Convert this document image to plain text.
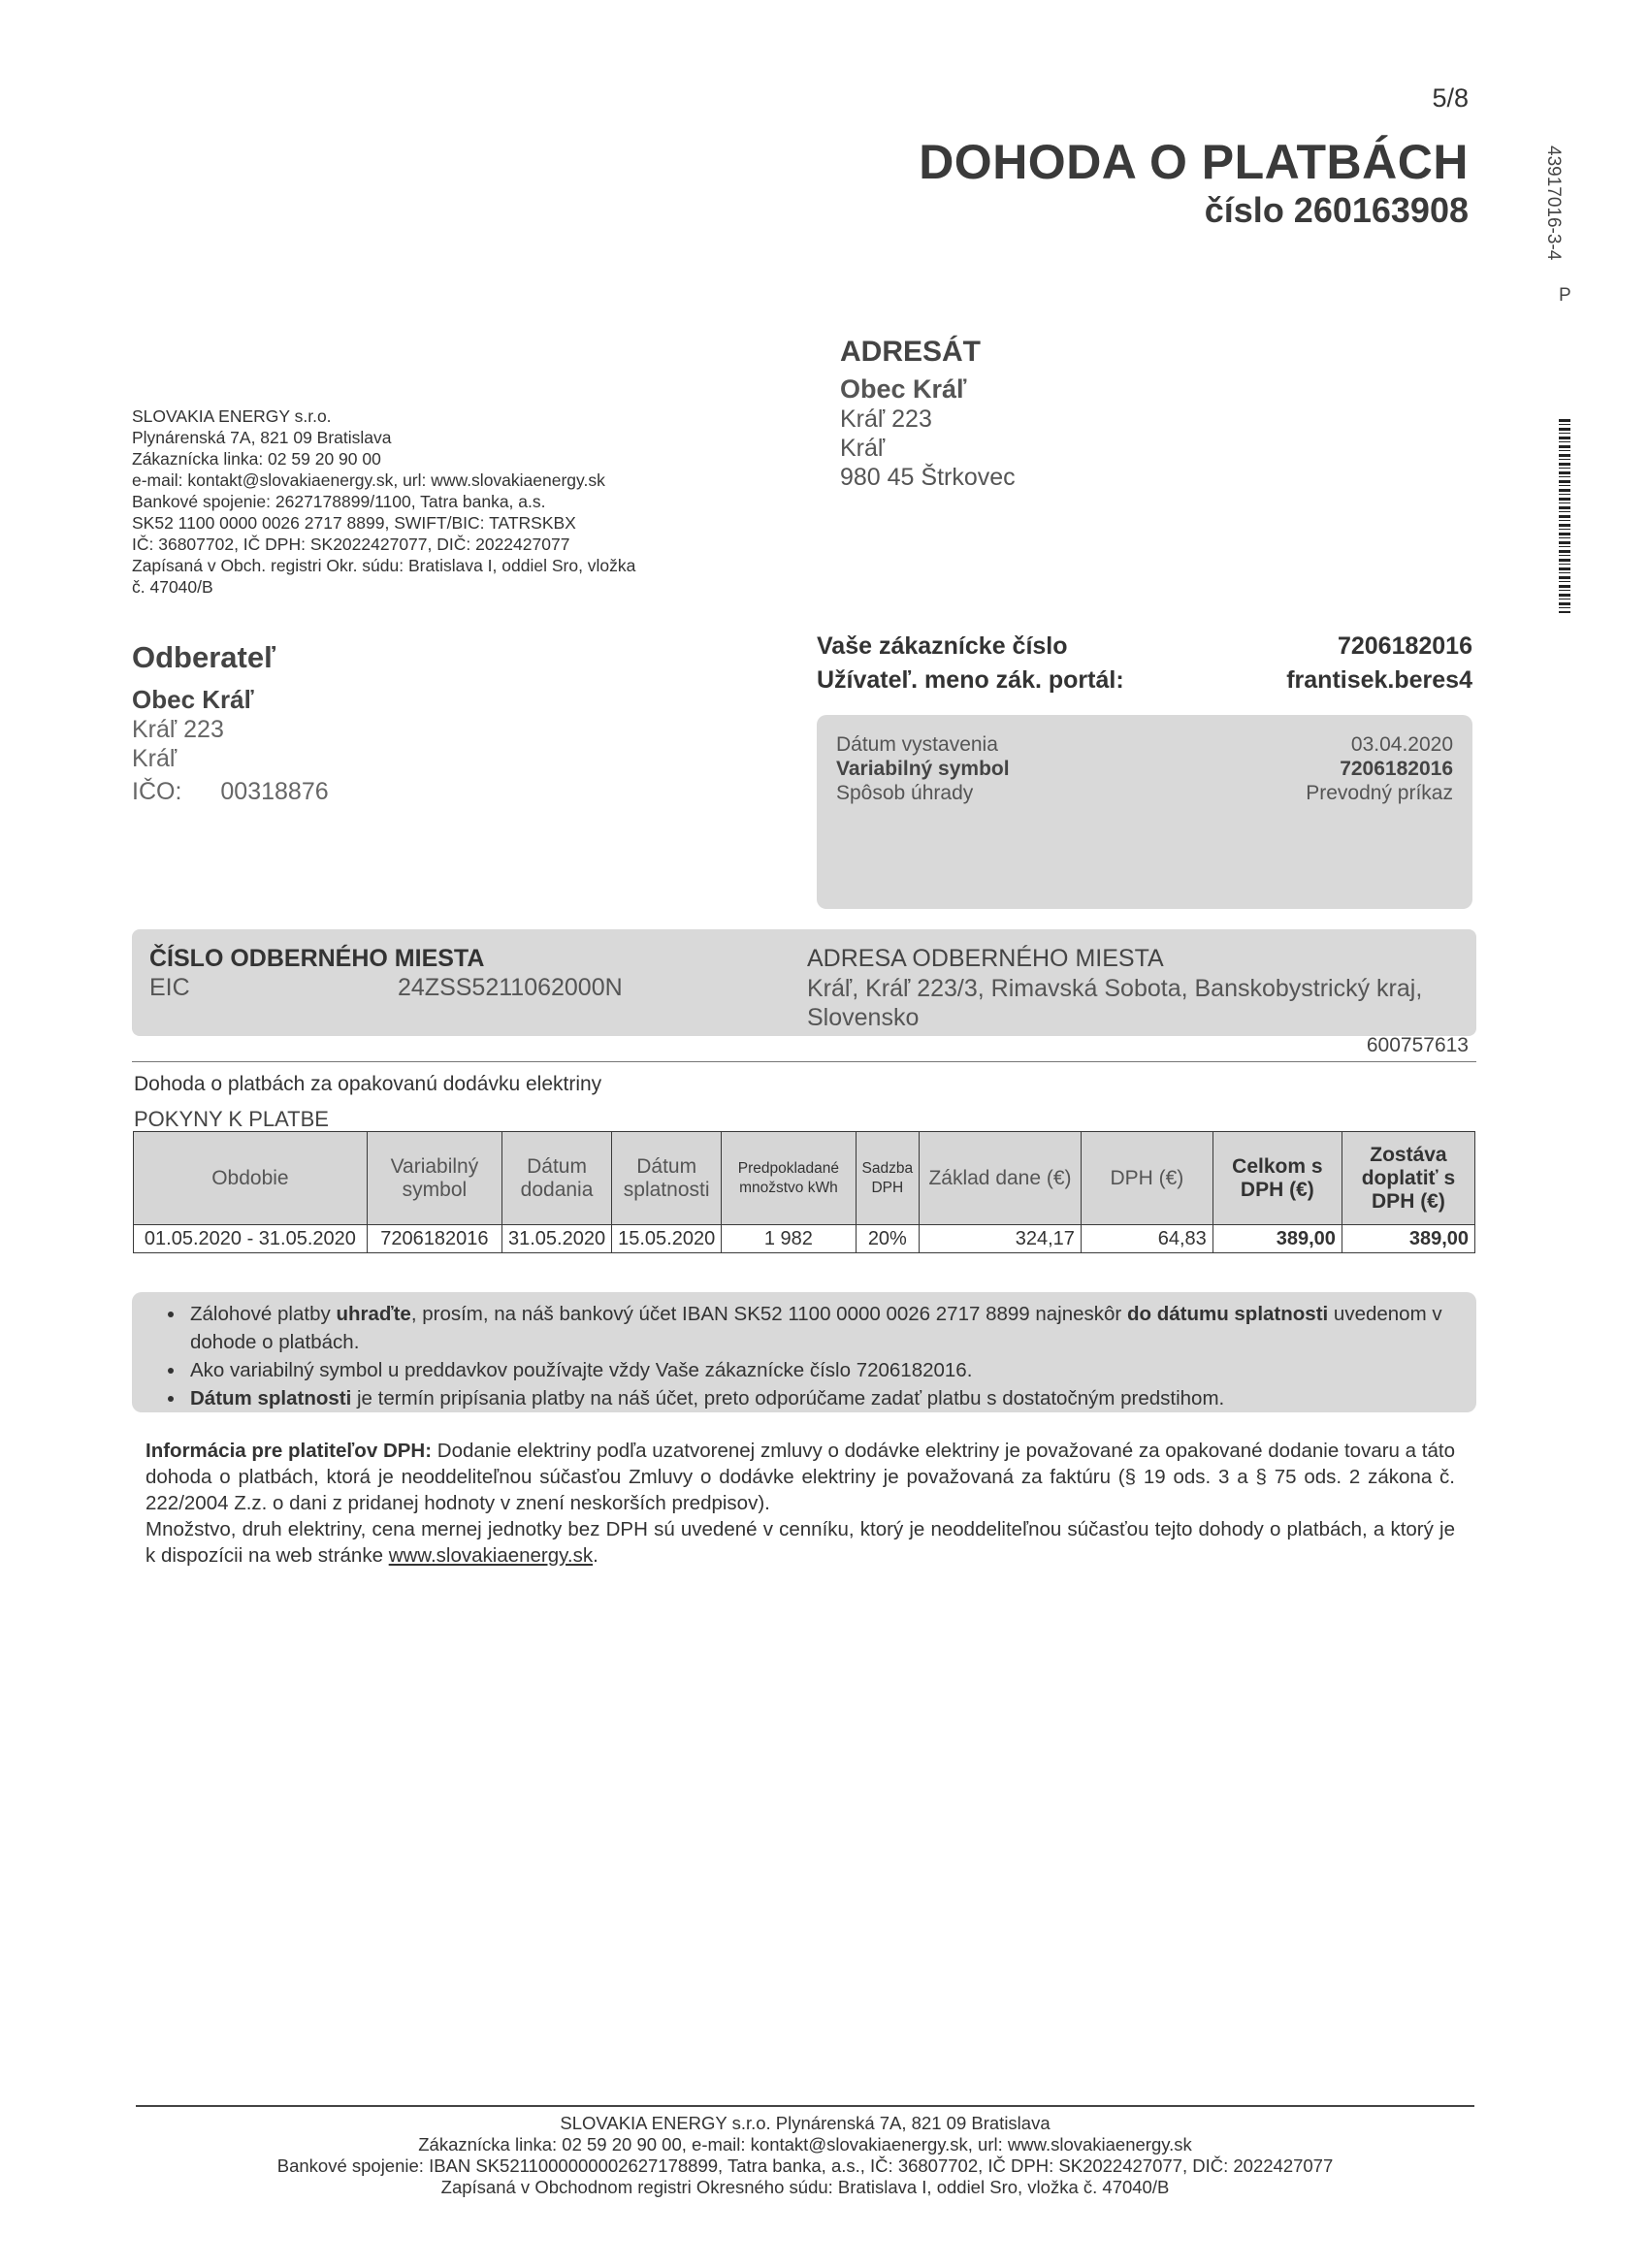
5/8
DOHODA O PLATBÁCH
číslo 260163908	4391701​6-3-4
P
SLOVAKIA ENERGY s.r.o.
Plynárenská 7A, 821 09 Bratislava
Zákaznícka linka: 02 59 20 90 00
e-mail: kontakt@slovakiaenergy.sk, url: www.slovakiaenergy.sk
Bankové spojenie: 2627178899/1100, Tatra banka, a.s.
SK52 1100 0000 0026 2717 8899, SWIFT/BIC: TATRSKBX
IČ: 36807702, IČ DPH: SK2022427077, DIČ: 2022427077
Zapísaná v Obch. registri Okr. súdu: Bratislava I, oddiel Sro, vložka
č. 47040/B
ADRESÁT
Obec Kráľ
Kráľ 223
Kráľ
980 45 Štrkovec
Odberateľ
Obec Kráľ
Kráľ 223
Kráľ
IČO: 00318876
Vaše zákaznícke číslo	7206182016
Užívateľ. meno zák. portál:	frantisek.beres4
Dátum vystavenia	03.04.2020
Variabilný symbol	7206182016
Spôsob úhrady	Prevodný príkaz
ČÍSLO ODBERNÉHO MIESTA
EIC	24ZSS5211062000N
ADRESA ODBERNÉHO MIESTA
Kráľ, Kráľ 223/3, Rimavská Sobota, Banskobystrický kraj, Slovensko
600757613
Dohoda o platbách za opakovanú dodávku elektriny
POKYNY K PLATBE
Obdobie	Variabilný symbol	Dátum dodania	Dátum splatnosti	Predpokladané množstvo kWh	Sadzba DPH	Základ dane (€)	DPH (€)	Celkom s DPH (€)	Zostáva doplatiť s DPH (€)
01.05.2020 - 31.05.2020	7206182016	31.05.2020	15.05.2020	1 982	20%	324,17	64,83	389,00	389,00
• Zálohové platby uhraďte, prosím, na náš bankový účet IBAN SK52 1100 0000 0026 2717 8899 najneskôr do dátumu splatnosti uvedenom v dohode o platbách.
• Ako variabilný symbol u preddavkov používajte vždy Vaše zákaznícke číslo 7206182016.
• Dátum splatnosti je termín pripísania platby na náš účet, preto odporúčame zadať platbu s dostatočným predstihom.

Informácia pre platiteľov DPH: Dodanie elektriny podľa uzatvorenej zmluvy o dodávke elektriny je považované za opakované dodanie tovaru a táto dohoda o platbách, ktorá je neoddeliteľnou súčasťou Zmluvy o dodávke elektriny je považovaná za faktúru (§ 19 ods. 3 a § 75 ods. 2 zákona č. 222/2004 Z.z. o dani z pridanej hodnoty v znení neskorších predpisov).

Množstvo, druh elektriny, cena mernej jednotky bez DPH sú uvedené v cenníku, ktorý je neoddeliteľnou súčasťou tejto dohody o platbách, a ktorý je k dispozícii na web stránke www.slovakiaenergy.sk.

SLOVAKIA ENERGY s.r.o. Plynárenská 7A, 821 09 Bratislava
Zákaznícka linka: 02 59 20 90 00, e-mail: kontakt@slovakiaenergy.sk, url: www.slovakiaenergy.sk
Bankové spojenie: IBAN SK5211000000002627178899, Tatra banka, a.s., IČ: 36807702, IČ DPH: SK2022427077, DIČ: 2022427077
Zapísaná v Obchodnom registri Okresného súdu: Bratislava I, oddiel Sro, vložka č. 47040/B
